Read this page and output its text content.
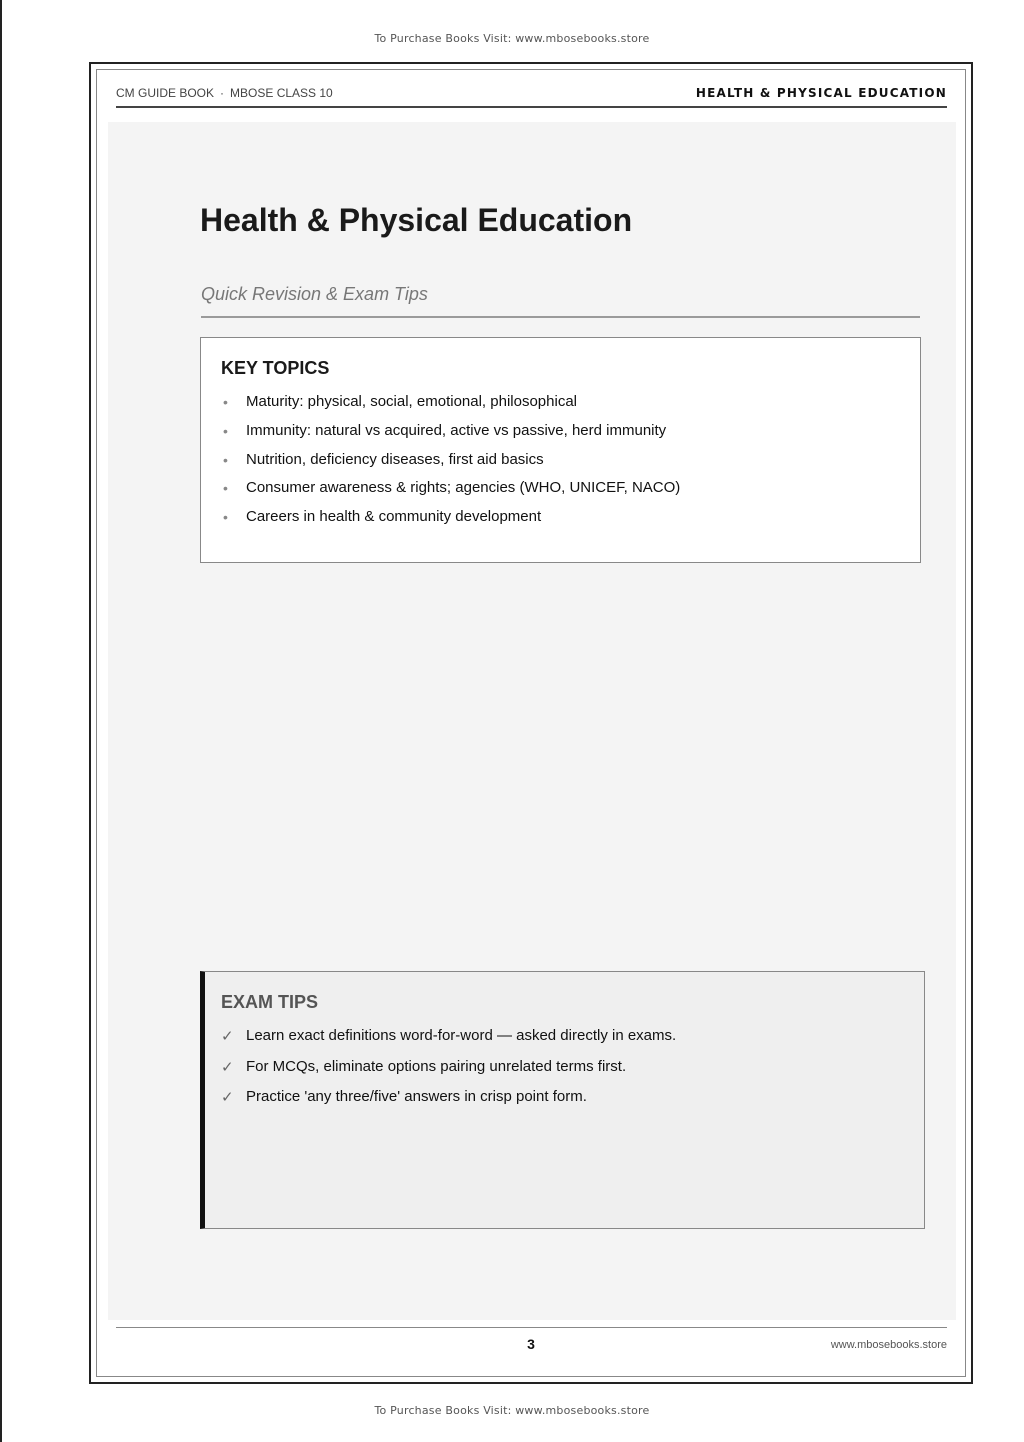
To Purchase Books Visit: www.mbosebooks.store
CM GUIDE BOOK · MBOSE CLASS 10	HEALTH & PHYSICAL EDUCATION
Health & Physical Education
Quick Revision & Exam Tips
KEY TOPICS
• Maturity: physical, social, emotional, philosophical
• Immunity: natural vs acquired, active vs passive, herd immunity
• Nutrition, deficiency diseases, first aid basics
• Consumer awareness & rights; agencies (WHO, UNICEF, NACO)
• Careers in health & community development
EXAM TIPS
✓ Learn exact definitions word-for-word — asked directly in exams.
✓ For MCQs, eliminate options pairing unrelated terms first.
✓ Practice 'any three/five' answers in crisp point form.
3	www.mbosebooks.store
To Purchase Books Visit: www.mbosebooks.store
